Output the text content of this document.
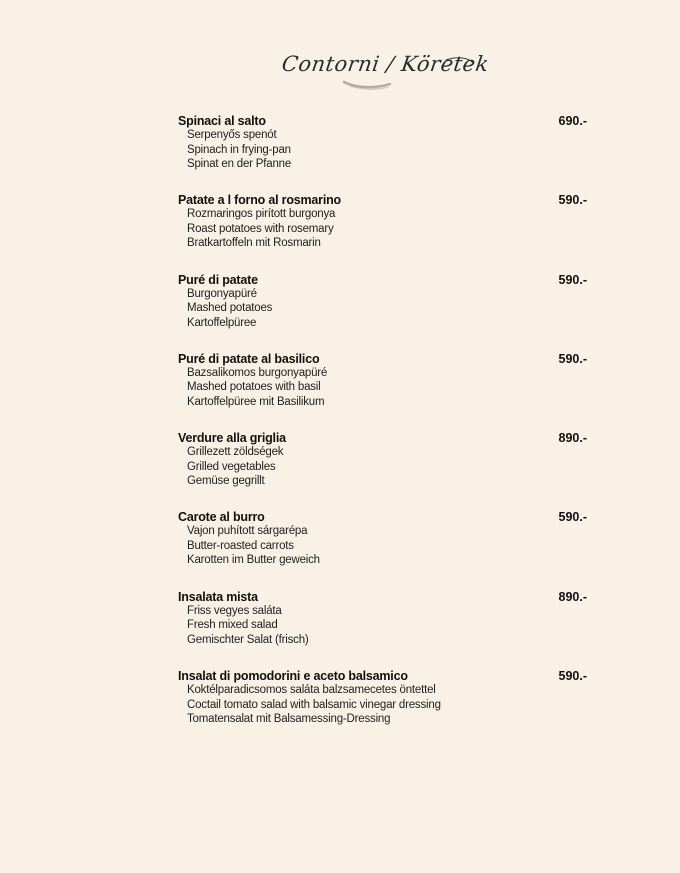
Contorni / Köretek
Spinaci al salto	690.-
Serpenyős spenót
Spinach in frying-pan
Spinat en der Pfanne
Patate a l forno al rosmarino	590.-
Rozmaringos pirított burgonya
Roast potatoes with rosemary
Bratkartoffeln mit Rosmarin
Puré di patate	590.-
Burgonyapüré
Mashed potatoes
Kartoffelpüree
Puré di patate al basilico	590.-
Bazsalikomos burgonyapüré
Mashed potatoes with basil
Kartoffelpüree mit Basilikum
Verdure alla griglia	890.-
Grillezett zöldségek
Grilled vegetables
Gemüse gegrillt
Carote al burro	590.-
Vajon puhított sárgarépa
Butter-roasted carrots
Karotten im Butter geweich
Insalata mista	890.-
Friss vegyes saláta
Fresh mixed salad
Gemischter Salat (frisch)
Insalat di pomodorini e aceto balsamico	590.-
Koktélparadicsomos saláta balzsamecetes öntettel
Coctail tomato salad with balsamic vinegar dressing
Tomatensalat mit Balsamessing-Dressing
